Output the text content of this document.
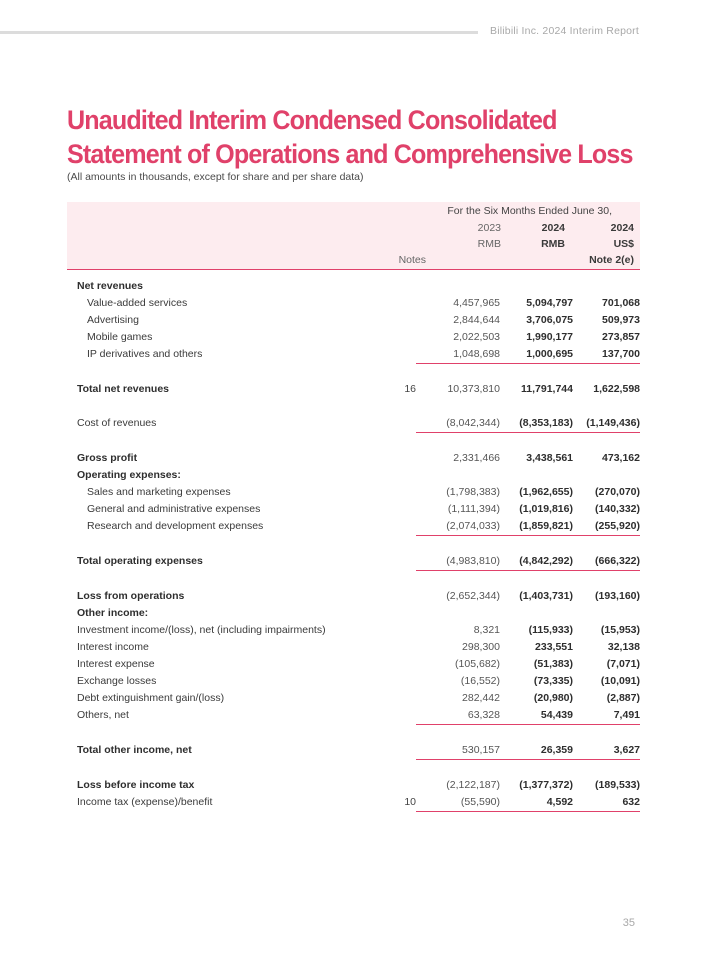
Bilibili Inc. 2024 Interim Report
Unaudited Interim Condensed Consolidated
Statement of Operations and Comprehensive Loss
(All amounts in thousands, except for share and per share data)
For the Six Months Ended June 30,
2023	2024	2024
RMB	RMB	US$
Notes	Note 2(e)
Net revenues				
Value-added services		4,457,965	5,094,797	701,068
Advertising		2,844,644	3,706,075	509,973
Mobile games		2,022,503	1,990,177	273,857
IP derivatives and others		1,048,698	1,000,695	137,700

Total net revenues	16	10,373,810	11,791,744	1,622,598

Cost of revenues		(8,042,344)	(8,353,183)	(1,149,436)

Gross profit		2,331,466	3,438,561	473,162
Operating expenses:				
Sales and marketing expenses		(1,798,383)	(1,962,655)	(270,070)
General and administrative expenses		(1,111,394)	(1,019,816)	(140,332)
Research and development expenses		(2,074,033)	(1,859,821)	(255,920)

Total operating expenses		(4,983,810)	(4,842,292)	(666,322)

Loss from operations		(2,652,344)	(1,403,731)	(193,160)
Other income:				
Investment income/(loss), net (including impairments)		8,321	(115,933)	(15,953)
Interest income		298,300	233,551	32,138
Interest expense		(105,682)	(51,383)	(7,071)
Exchange losses		(16,552)	(73,335)	(10,091)
Debt extinguishment gain/(loss)		282,442	(20,980)	(2,887)
Others, net		63,328	54,439	7,491

Total other income, net		530,157	26,359	3,627

Loss before income tax		(2,122,187)	(1,377,372)	(189,533)
Income tax (expense)/benefit	10	(55,590)	4,592	632
35
